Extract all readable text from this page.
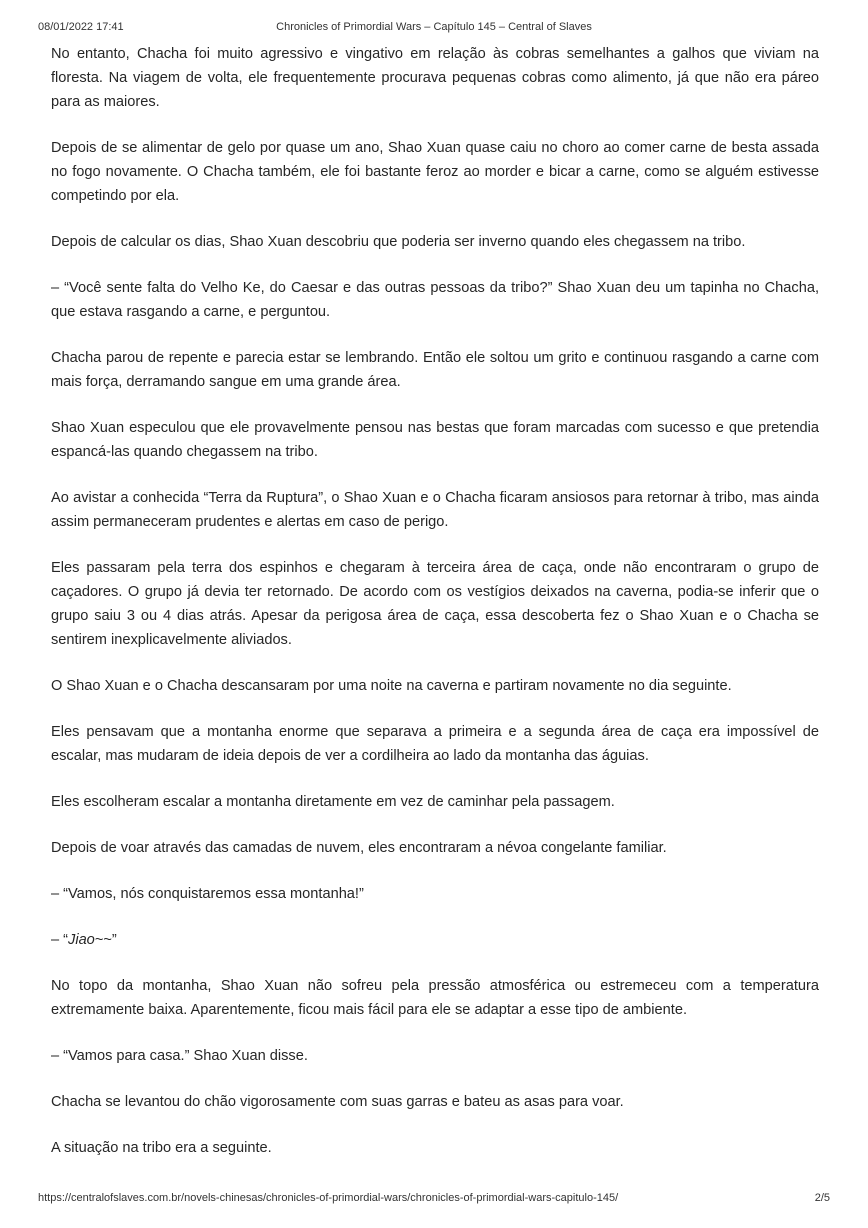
08/01/2022 17:41	Chronicles of Primordial Wars – Capítulo 145 – Central of Slaves

No entanto, Chacha foi muito agressivo e vingativo em relação às cobras semelhantes a galhos que viviam na floresta. Na viagem de volta, ele frequentemente procurava pequenas cobras como alimento, já que não era páreo para as maiores.

Depois de se alimentar de gelo por quase um ano, Shao Xuan quase caiu no choro ao comer carne de besta assada no fogo novamente. O Chacha também, ele foi bastante feroz ao morder e bicar a carne, como se alguém estivesse competindo por ela.

Depois de calcular os dias, Shao Xuan descobriu que poderia ser inverno quando eles chegassem na tribo.

– “Você sente falta do Velho Ke, do Caesar e das outras pessoas da tribo?” Shao Xuan deu um tapinha no Chacha, que estava rasgando a carne, e perguntou.

Chacha parou de repente e parecia estar se lembrando. Então ele soltou um grito e continuou rasgando a carne com mais força, derramando sangue em uma grande área.

Shao Xuan especulou que ele provavelmente pensou nas bestas que foram marcadas com sucesso e que pretendia espancá-las quando chegassem na tribo.

Ao avistar a conhecida “Terra da Ruptura”, o Shao Xuan e o Chacha ficaram ansiosos para retornar à tribo, mas ainda assim permaneceram prudentes e alertas em caso de perigo.

Eles passaram pela terra dos espinhos e chegaram à terceira área de caça, onde não encontraram o grupo de caçadores. O grupo já devia ter retornado. De acordo com os vestígios deixados na caverna, podia-se inferir que o grupo saiu 3 ou 4 dias atrás. Apesar da perigosa área de caça, essa descoberta fez o Shao Xuan e o Chacha se sentirem inexplicavelmente aliviados.

O Shao Xuan e o Chacha descansaram por uma noite na caverna e partiram novamente no dia seguinte.

Eles pensavam que a montanha enorme que separava a primeira e a segunda área de caça era impossível de escalar, mas mudaram de ideia depois de ver a cordilheira ao lado da montanha das águias.

Eles escolheram escalar a montanha diretamente em vez de caminhar pela passagem.

Depois de voar através das camadas de nuvem, eles encontraram a névoa congelante familiar.

– “Vamos, nós conquistaremos essa montanha!”

– “Jiao~~”

No topo da montanha, Shao Xuan não sofreu pela pressão atmosférica ou estremeceu com a temperatura extremamente baixa. Aparentemente, ficou mais fácil para ele se adaptar a esse tipo de ambiente.

– “Vamos para casa.” Shao Xuan disse.

Chacha se levantou do chão vigorosamente com suas garras e bateu as asas para voar.

A situação na tribo era a seguinte.

https://centralofslaves.com.br/novels-chinesas/chronicles-of-primordial-wars/chronicles-of-primordial-wars-capitulo-145/	2/5
